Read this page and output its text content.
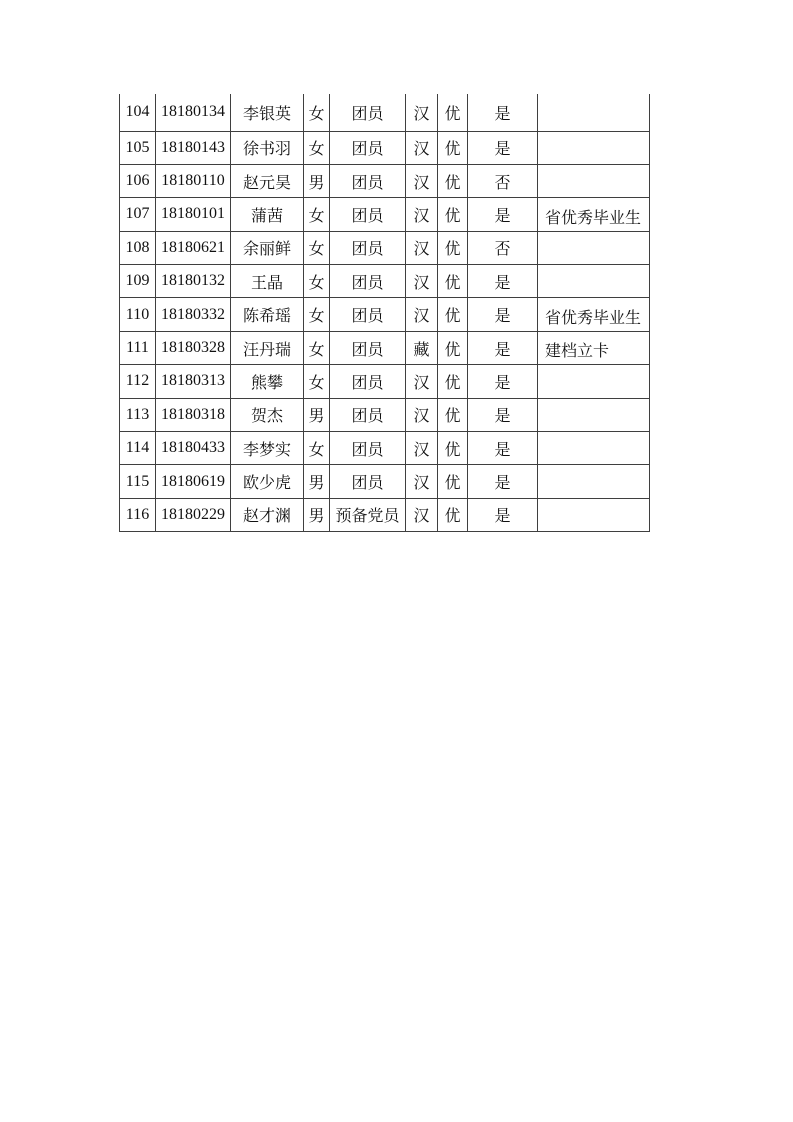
104	18180134	李银英	女	团员	汉	优	是	
105	18180143	徐书羽	女	团员	汉	优	是	
106	18180110	赵元昊	男	团员	汉	优	否	
107	18180101	蒲茜	女	团员	汉	优	是	省优秀毕业生
108	18180621	余丽鲜	女	团员	汉	优	否	
109	18180132	王晶	女	团员	汉	优	是	
110	18180332	陈希瑶	女	团员	汉	优	是	省优秀毕业生
111	18180328	汪丹瑞	女	团员	藏	优	是	建档立卡
112	18180313	熊攀	女	团员	汉	优	是	
113	18180318	贺杰	男	团员	汉	优	是	
114	18180433	李梦实	女	团员	汉	优	是	
115	18180619	欧少虎	男	团员	汉	优	是	
116	18180229	赵才渊	男	预备党员	汉	优	是	
